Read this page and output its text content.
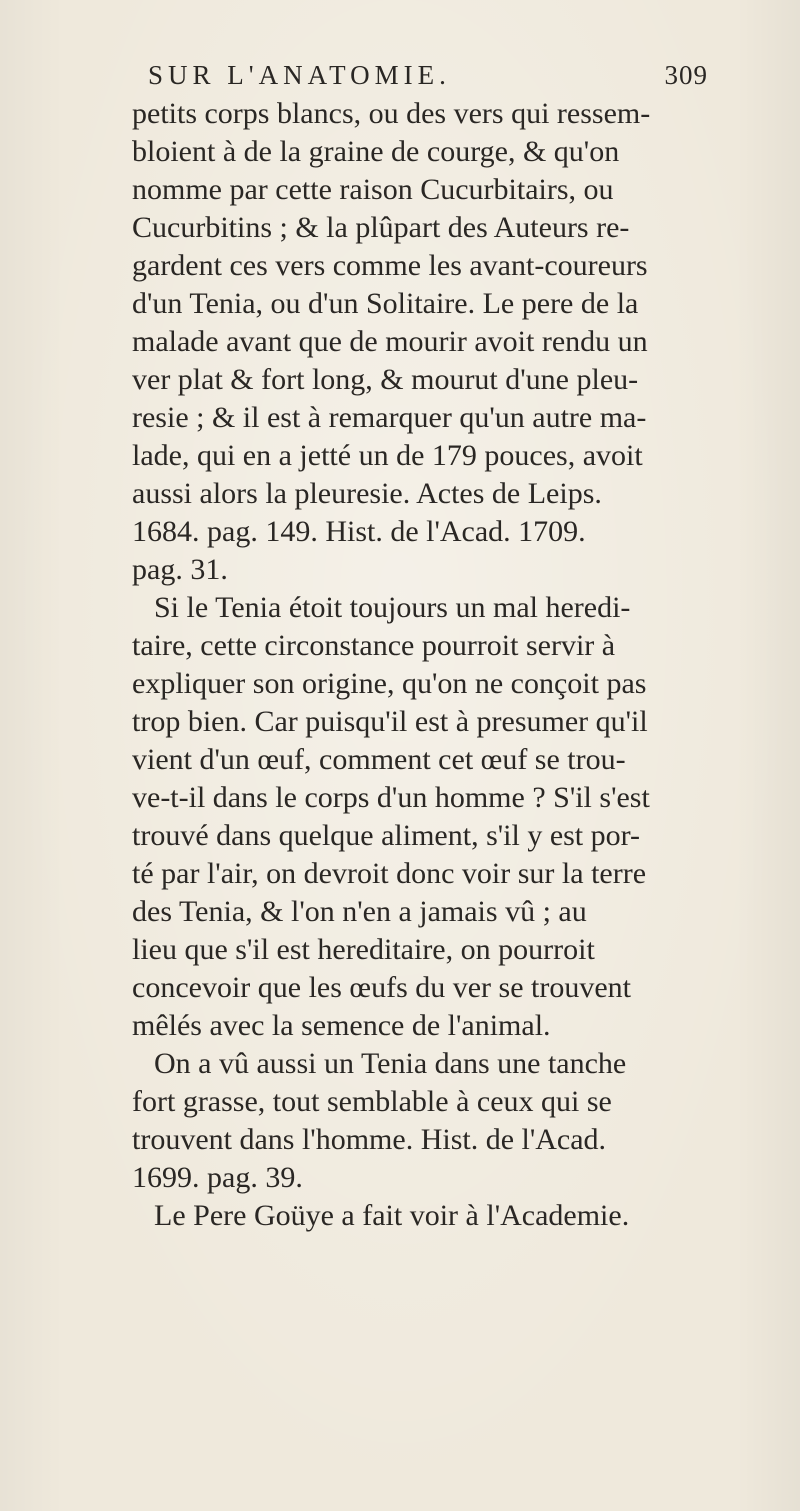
SUR L'ANATOMIE.	309
petits corps blancs, ou des vers qui ressem-
bloient à de la graine de courge, & qu'on
nomme par cette raison Cucurbitairs, ou
Cucurbitins ; & la plûpart des Auteurs re-
gardent ces vers comme les avant-coureurs
d'un Tenia, ou d'un Solitaire. Le pere de la
malade avant que de mourir avoit rendu un
ver plat & fort long, & mourut d'une pleu-
resie ; & il est à remarquer qu'un autre ma-
lade, qui en a jetté un de 179 pouces, avoit
aussi alors la pleuresie. Actes de Leips.
1684. pag. 149. Hist. de l'Acad. 1709.
pag. 31.
Si le Tenia étoit toujours un mal heredi-
taire, cette circonstance pourroit servir à
expliquer son origine, qu'on ne conçoit pas
trop bien. Car puisqu'il est à presumer qu'il
vient d'un œuf, comment cet œuf se trou-
ve-t-il dans le corps d'un homme ? S'il s'est
trouvé dans quelque aliment, s'il y est por-
té par l'air, on devroit donc voir sur la terre
des Tenia, & l'on n'en a jamais vû ; au
lieu que s'il est hereditaire, on pourroit
concevoir que les œufs du ver se trouvent
mêlés avec la semence de l'animal.
On a vû aussi un Tenia dans une tanche
fort grasse, tout semblable à ceux qui se
trouvent dans l'homme. Hist. de l'Acad.
1699. pag. 39.
Le Pere Goüye a fait voir à l'Academie.
